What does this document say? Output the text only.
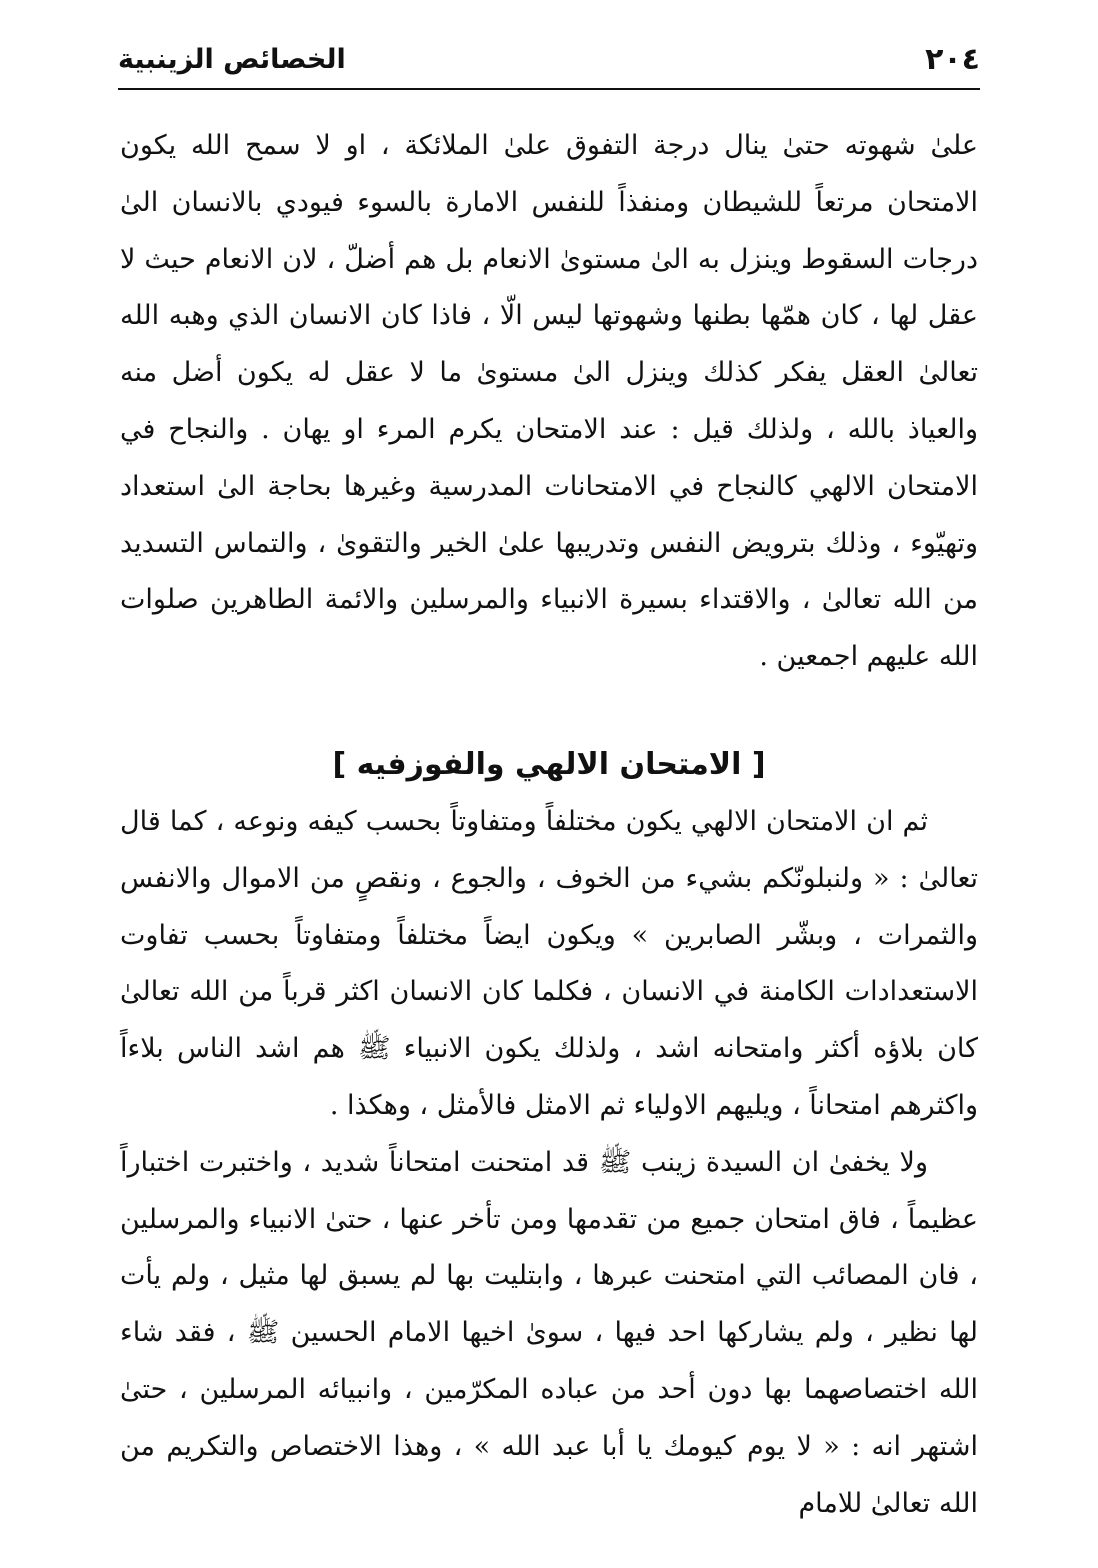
٢٠٤
الخصائص الزينبية

علىٰ شهوته حتىٰ ينال درجة التفوق علىٰ الملائكة ، او لا سمح الله يكون الامتحان مرتعاً للشيطان ومنفذاً للنفس الامارة بالسوء فيودي بالانسان الىٰ درجات السقوط وينزل به الىٰ مستوىٰ الانعام بل هم أضلّ ، لان الانعام حيث لا عقل لها ، كان همّها بطنها وشهوتها ليس الّا ، فاذا كان الانسان الذي وهبه الله تعالىٰ العقل يفكر كذلك وينزل الىٰ مستوىٰ ما لا عقل له يكون أضل منه والعياذ بالله ، ولذلك قيل : عند الامتحان يكرم المرء او يهان . والنجاح في الامتحان الالهي كالنجاح في الامتحانات المدرسية وغيرها بحاجة الىٰ استعداد وتهيّوء ، وذلك بترويض النفس وتدريبها علىٰ الخير والتقوىٰ ، والتماس التسديد من الله تعالىٰ ، والاقتداء بسيرة الانبياء والمرسلين والائمة الطاهرين صلوات الله عليهم اجمعين .

[ الامتحان الالهي والفوزفيه ]

ثم ان الامتحان الالهي يكون مختلفاً ومتفاوتاً بحسب كيفه ونوعه ، كما قال تعالىٰ : « ولنبلونّكم بشيء من الخوف ، والجوع ، ونقصٍ من الاموال والانفس والثمرات ، وبشّر الصابرين » ويكون ايضاً مختلفاً ومتفاوتاً بحسب تفاوت الاستعدادات الكامنة في الانسان ، فكلما كان الانسان اكثر قرباً من الله تعالىٰ كان بلاؤه أكثر وامتحانه اشد ، ولذلك يكون الانبياء ﷺ هم اشد الناس بلاءاً واكثرهم امتحاناً ، ويليهم الاولياء ثم الامثل فالأمثل ، وهكذا .

ولا يخفىٰ ان السيدة زينب ﷺ قد امتحنت امتحاناً شديد ، واختبرت اختباراً عظيماً ، فاق امتحان جميع من تقدمها ومن تأخر عنها ، حتىٰ الانبياء والمرسلين ، فان المصائب التي امتحنت عبرها ، وابتليت بها لم يسبق لها مثيل ، ولم يأت لها نظير ، ولم يشاركها احد فيها ، سوىٰ اخيها الامام الحسين ﷺ ، فقد شاء الله اختصاصهما بها دون أحد من عباده المكرّمين ، وانبيائه المرسلين ، حتىٰ اشتهر انه : « لا يوم كيومك يا أبا عبد الله » ، وهذا الاختصاص والتكريم من الله تعالىٰ للامام
